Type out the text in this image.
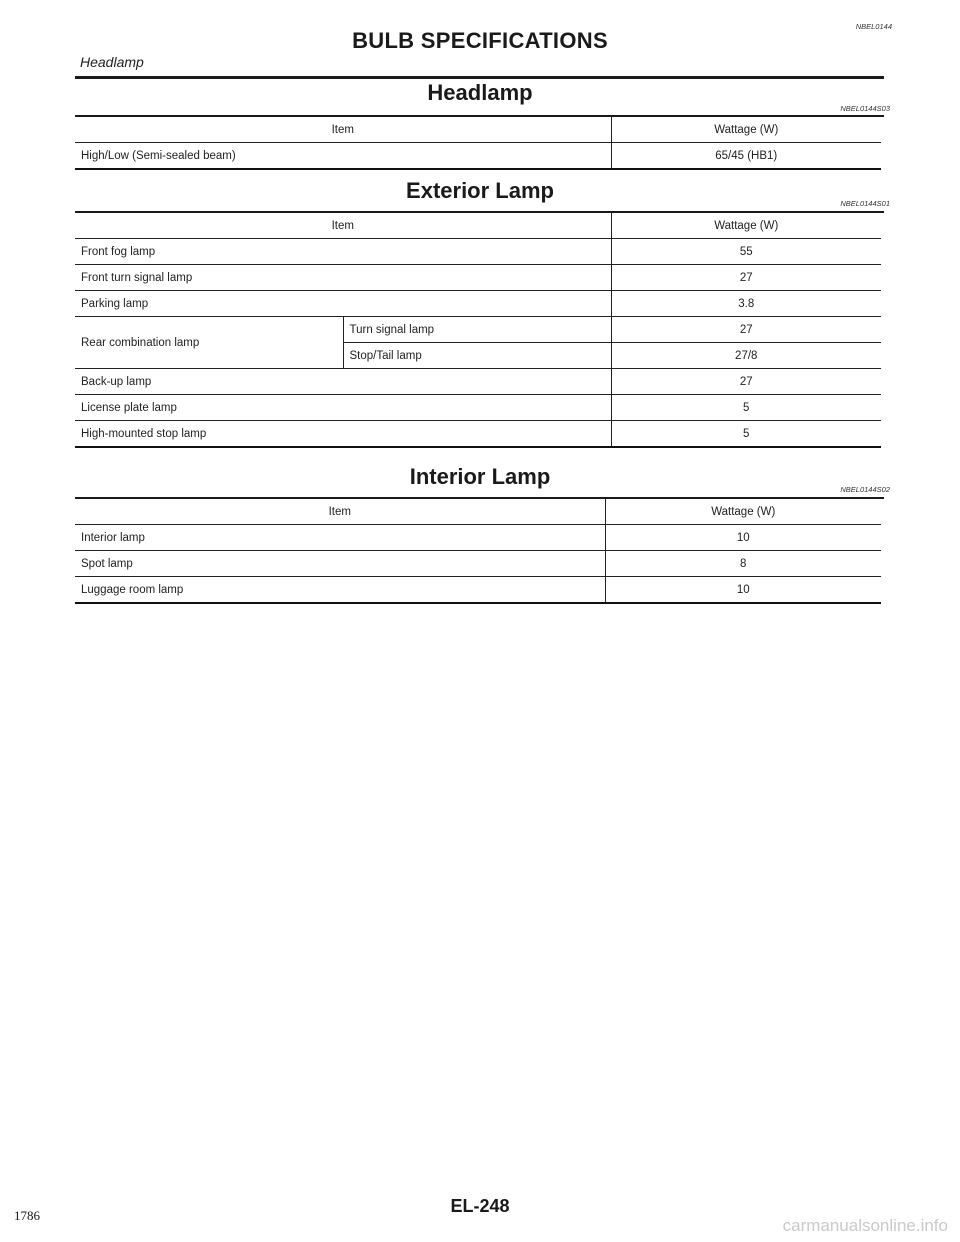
NBEL0144
BULB SPECIFICATIONS
Headlamp
Headlamp
NBEL0144S03
Item	Wattage (W)
High/Low (Semi-sealed beam)	65/45 (HB1)
Exterior Lamp
NBEL0144S01
Item		Wattage (W)
Front fog lamp		55
Front turn signal lamp		27
Parking lamp		3.8
Rear combination lamp	Turn signal lamp	27
	Stop/Tail lamp	27/8
Back-up lamp		27
License plate lamp		5
High-mounted stop lamp		5
Interior Lamp
NBEL0144S02
Item	Wattage (W)
Interior lamp	10
Spot lamp	8
Luggage room lamp	10
EL-248
1786
carmanualsonline.info
